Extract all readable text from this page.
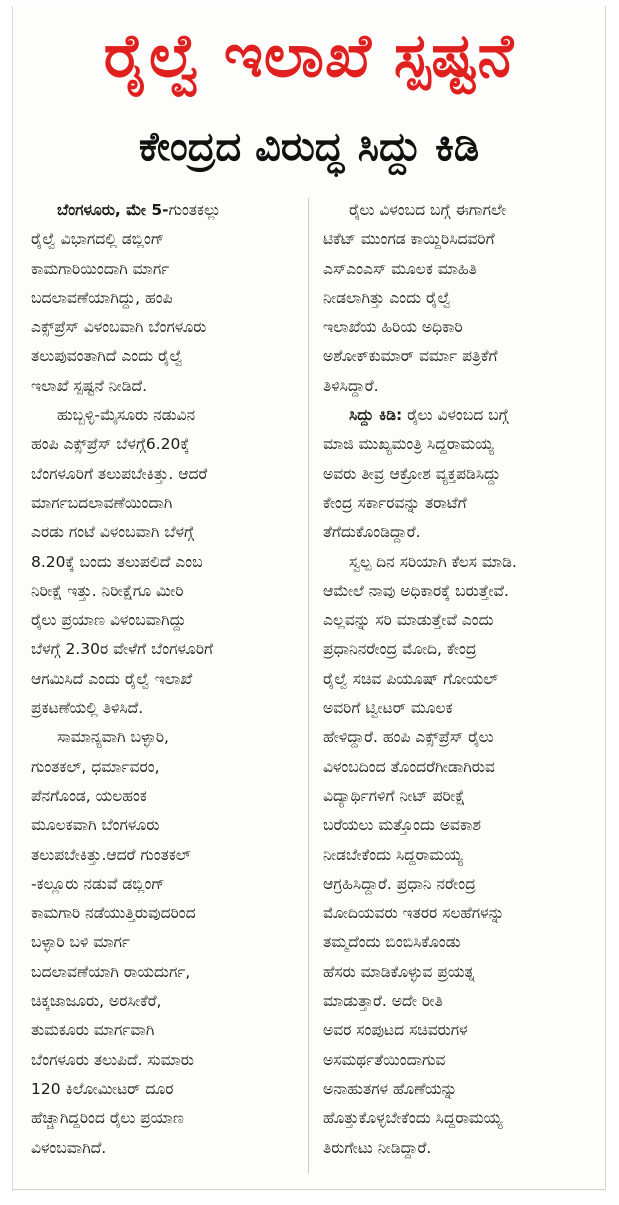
ರೈಲ್ವೆ ಇಲಾಖೆ ಸ್ಪಷ್ಟನೆ
ಕೇಂದ್ರದ ವಿರುದ್ಧ ಸಿದ್ದು ಕಿಡಿ
ಬೆಂಗಳೂರು, ಮೇ 5-ಗುಂತಕಲ್ಲು
ರೈಲ್ವೆ ವಿಭಾಗದಲ್ಲಿ ಡಬ್ಲಿಂಗ್
ಕಾಮಗಾರಿಯಿಂದಾಗಿ ಮಾರ್ಗ
ಬದಲಾವಣೆಯಾಗಿದ್ದು, ಹಂಪಿ
ಎಕ್ಸ್‌ಪ್ರೆಸ್ ವಿಳಂಬವಾಗಿ ಬೆಂಗಳೂರು
ತಲುಪುವಂತಾಗಿದೆ ಎಂದು ರೈಲ್ವೆ
ಇಲಾಖೆ ಸ್ಪಷ್ಟನೆ ನೀಡಿದೆ.
ಹುಬ್ಬಳ್ಳಿ-ಮೈಸೂರು ನಡುವಿನ
ಹಂಪಿ ಎಕ್ಸ್‌ಪ್ರೆಸ್ ಬೆಳಗ್ಗೆ6.20ಕ್ಕೆ
ಬೆಂಗಳೂರಿಗೆ ತಲುಪಬೇಕಿತ್ತು. ಆದರೆ
ಮಾರ್ಗಬದಲಾವಣೆಯಿಂದಾಗಿ
ಎರಡು ಗಂಟೆ ವಿಳಂಬವಾಗಿ ಬೆಳಗ್ಗೆ
8.20ಕ್ಕೆ ಬಂದು ತಲುಪಲಿದೆ ಎಂಬ
ನಿರೀಕ್ಷೆ ಇತ್ತು. ನಿರೀಕ್ಷೆಗೂ ಮೀರಿ
ರೈಲು ಪ್ರಯಾಣ ವಿಳಂಬವಾಗಿದ್ದು
ಬೆಳಗ್ಗೆ 2.30ರ ವೇಳೆಗೆ ಬೆಂಗಳೂರಿಗೆ
ಆಗಮಿಸಿದೆ ಎಂದು ರೈಲ್ವೆ ಇಲಾಖೆ
ಪ್ರಕಟಣೆಯಲ್ಲಿ ತಿಳಿಸಿದೆ.
ಸಾಮಾನ್ಯವಾಗಿ ಬಳ್ಳಾರಿ,
ಗುಂತಕಲ್, ಧರ್ಮಾವರಂ,
ಪೆನಗೊಂಡ, ಯಲಹಂಕ
ಮೂಲಕವಾಗಿ ಬೆಂಗಳೂರು
ತಲುಪಬೇಕಿತ್ತು.ಆದರೆ ಗುಂತಕಲ್
-ಕಲ್ಲೂರು ನಡುವೆ ಡಬ್ಲಿಂಗ್
ಕಾಮಗಾರಿ ನಡೆಯುತ್ತಿರುವುದರಿಂದ
ಬಳ್ಳಾರಿ ಬಳಿ ಮಾರ್ಗ
ಬದಲಾವಣೆಯಾಗಿ ರಾಯದುರ್ಗ,
ಚಿಕ್ಕಜಾಜೂರು, ಅರಸೀಕೆರೆ,
ತುಮಕೂರು ಮಾರ್ಗವಾಗಿ
ಬೆಂಗಳೂರು ತಲುಪಿದೆ. ಸುಮಾರು
120 ಕಿಲೋಮೀಟರ್ ದೂರ
ಹೆಚ್ಚಾಗಿದ್ದರಿಂದ ರೈಲು ಪ್ರಯಾಣ
ವಿಳಂಬವಾಗಿದೆ.
ರೈಲು ವಿಳಂಬದ ಬಗ್ಗೆ ಈಗಾಗಲೇ
ಟಿಕೆಟ್ ಮುಂಗಡ ಕಾಯ್ದಿರಿಸಿದವರಿಗೆ
ಎಸ್‌ಎಂಎಸ್ ಮೂಲಕ ಮಾಹಿತಿ
ನೀಡಲಾಗಿತ್ತು ಎಂದು ರೈಲ್ವೆ
ಇಲಾಖೆಯ ಹಿರಿಯ ಅಧಿಕಾರಿ
ಅಶೋಕ್‌ಕುಮಾರ್ ವರ್ಮಾ ಪತ್ರಿಕೆಗೆ
ತಿಳಿಸಿದ್ದಾರೆ.
ಸಿದ್ದು ಕಿಡಿ: ರೈಲು ವಿಳಂಬದ ಬಗ್ಗೆ
ಮಾಜಿ ಮುಖ್ಯಮಂತ್ರಿ ಸಿದ್ದರಾಮಯ್ಯ
ಅವರು ತೀವ್ರ ಆಕ್ರೋಶ ವ್ಯಕ್ತಪಡಿಸಿದ್ದು
ಕೇಂದ್ರ ಸರ್ಕಾರವನ್ನು ತರಾಟೆಗೆ
ತೆಗೆದುಕೊಂಡಿದ್ದಾರೆ.
ಸ್ವಲ್ಪ ದಿನ ಸರಿಯಾಗಿ ಕೆಲಸ ಮಾಡಿ.
ಆಮೇಲೆ ನಾವು ಅಧಿಕಾರಕ್ಕೆ ಬರುತ್ತೇವೆ.
ಎಲ್ಲವನ್ನು ಸರಿ ಮಾಡುತ್ತೇವೆ ಎಂದು
ಪ್ರಧಾನಿನರೇಂದ್ರ ಮೋದಿ, ಕೇಂದ್ರ
ರೈಲ್ವೆ ಸಚಿವ ಪಿಯೂಷ್ ಗೋಯಲ್
ಅವರಿಗೆ ಟ್ವೀಟರ್ ಮೂಲಕ
ಹೇಳಿದ್ದಾರೆ. ಹಂಪಿ ಎಕ್ಸ್‌ಪ್ರೆಸ್ ರೈಲು
ವಿಳಂಬದಿಂದ ತೊಂದರೆಗೀಡಾಗಿರುವ
ವಿದ್ಯಾರ್ಥಿಗಳಿಗೆ ನೀಟ್ ಪರೀಕ್ಷೆ
ಬರೆಯಲು ಮತ್ತೊಂದು ಅವಕಾಶ
ನೀಡಬೇಕೆಂದು ಸಿದ್ದರಾಮಯ್ಯ
ಆಗ್ರಹಿಸಿದ್ದಾರೆ. ಪ್ರಧಾನಿ ನರೇಂದ್ರ
ಮೋದಿಯವರು ಇತರರ ಸಲಹೆಗಳನ್ನು
ತಮ್ಮದೆಂದು ಬಿಂಬಿಸಿಕೊಂಡು
ಹೆಸರು ಮಾಡಿಕೊಳ್ಳುವ ಪ್ರಯತ್ನ
ಮಾಡುತ್ತಾರೆ. ಅದೇ ರೀತಿ
ಅವರ ಸಂಪುಟದ ಸಚಿವರುಗಳ
ಅಸಮರ್ಥತೆಯಿಂದಾಗುವ
ಅನಾಹುತಗಳ ಹೊಣೆಯನ್ನು
ಹೊತ್ತುಕೊಳ್ಳಬೇಕೆಂದು ಸಿದ್ದರಾಮಯ್ಯ
ತಿರುಗೇಟು ನೀಡಿದ್ದಾರೆ.
